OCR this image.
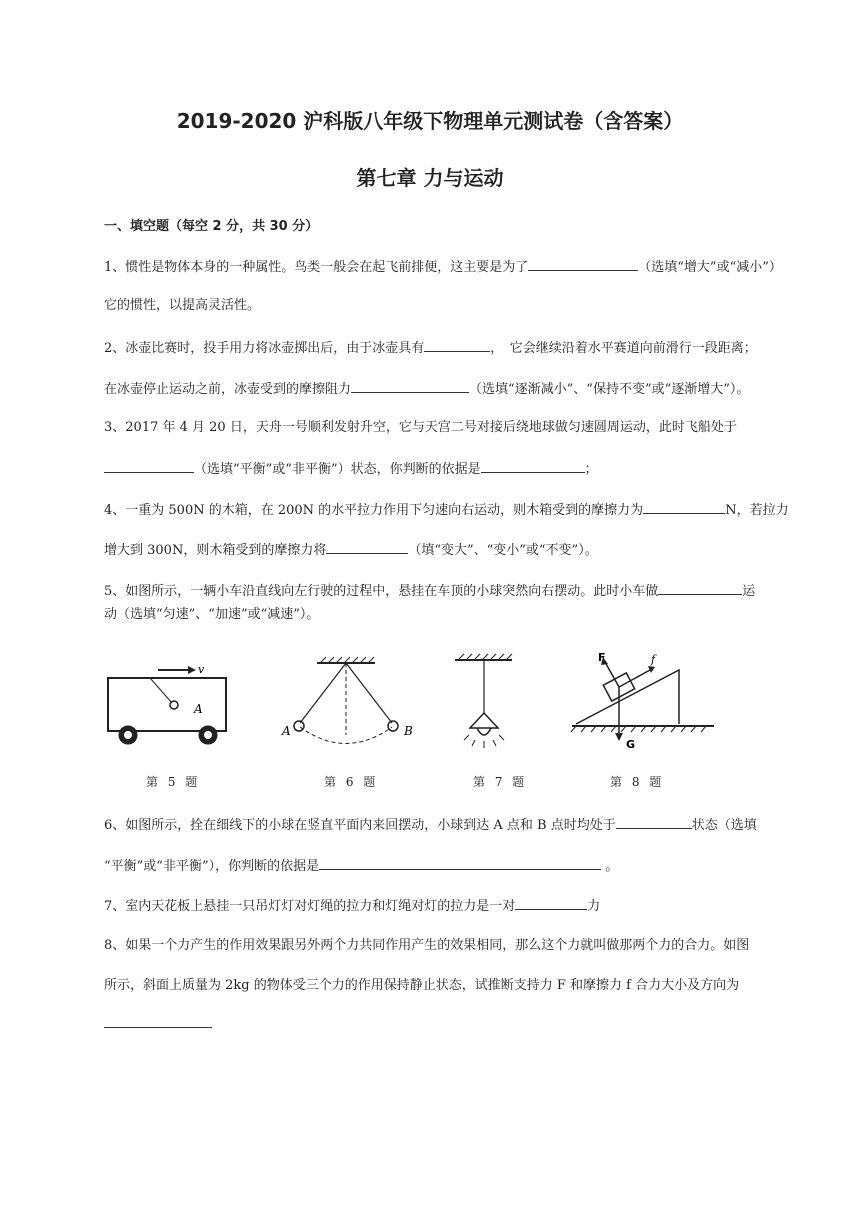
2019-2020 沪科版八年级下物理单元测试卷（含答案）
第七章 力与运动
一、填空题（每空 2 分，共 30 分）
1、惯性是物体本身的一种属性。鸟类一般会在起飞前排便，这主要是为了	（选填“增大”或“减小”）
它的惯性，以提高灵活性。
2、冰壶比赛时，投手用力将冰壶掷出后，由于冰壶具有	，　它会继续沿着水平赛道向前滑行一段距离；
在冰壶停止运动之前，冰壶受到的摩擦阻力	（选填“逐渐减小”、“保持不变”或“逐渐增大”）。
3、2017 年 4 月 20 日，天舟一号顺利发射升空，它与天宫二号对接后绕地球做匀速圆周运动，此时飞船处于
（选填“平衡”或“非平衡”）状态，你判断的依据是	；
4、一重为 500N 的木箱，在 200N 的水平拉力作用下匀速向右运动，则木箱受到的摩擦力为	N，若拉力
增大到 300N，则木箱受到的摩擦力将	（填“变大”、“变小”或“不变”）。
5、如图所示，一辆小车沿直线向左行驶的过程中，悬挂在车顶的小球突然向右摆动。此时小车做	运
动（选填“匀速”、“加速”或“减速”）。
v
A
A	B
F	f
G
第 5 题	第 6 题	第 7 题	第 8 题
6、如图所示，拴在细线下的小球在竖直平面内来回摆动，小球到达 A 点和 B 点时均处于	状态（选填
“平衡”或“非平衡”），你判断的依据是	。
7、室内天花板上悬挂一只吊灯灯对灯绳的拉力和灯绳对灯的拉力是一对	力
8、如果一个力产生的作用效果跟另外两个力共同作用产生的效果相同，那么这个力就叫做那两个力的合力。如图
所示，斜面上质量为 2kg 的物体受三个力的作用保持静止状态，试推断支持力 F 和摩擦力 f 合力大小及方向为
